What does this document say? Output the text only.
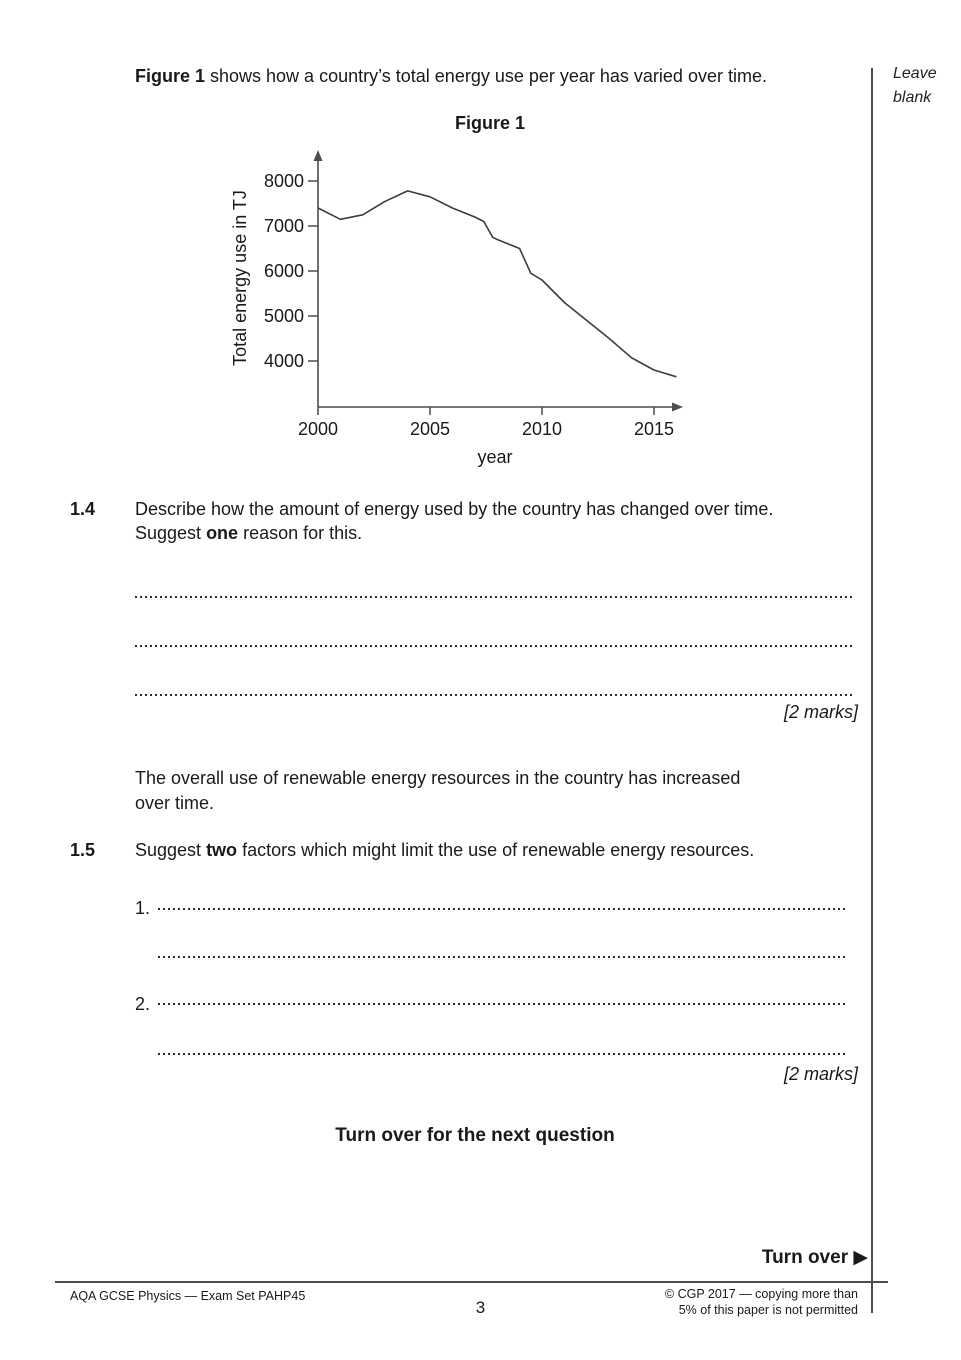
Leave blank
Figure 1 shows how a country’s total energy use per year has varied over time.
Figure 1
4000
5000
6000
7000
8000
2000	2005	2010	2015
Total energy use in TJ
year
1.4 Describe how the amount of energy used by the country has changed over time.
Suggest one reason for this.
[2 marks]
The overall use of renewable energy resources in the country has increased
over time.
1.5 Suggest two factors which might limit the use of renewable energy resources.
1.
2.
[2 marks]
Turn over for the next question
Turn over ▶
AQA GCSE Physics — Exam Set PAHP45
3
© CGP 2017 — copying more than
5% of this paper is not permitted
